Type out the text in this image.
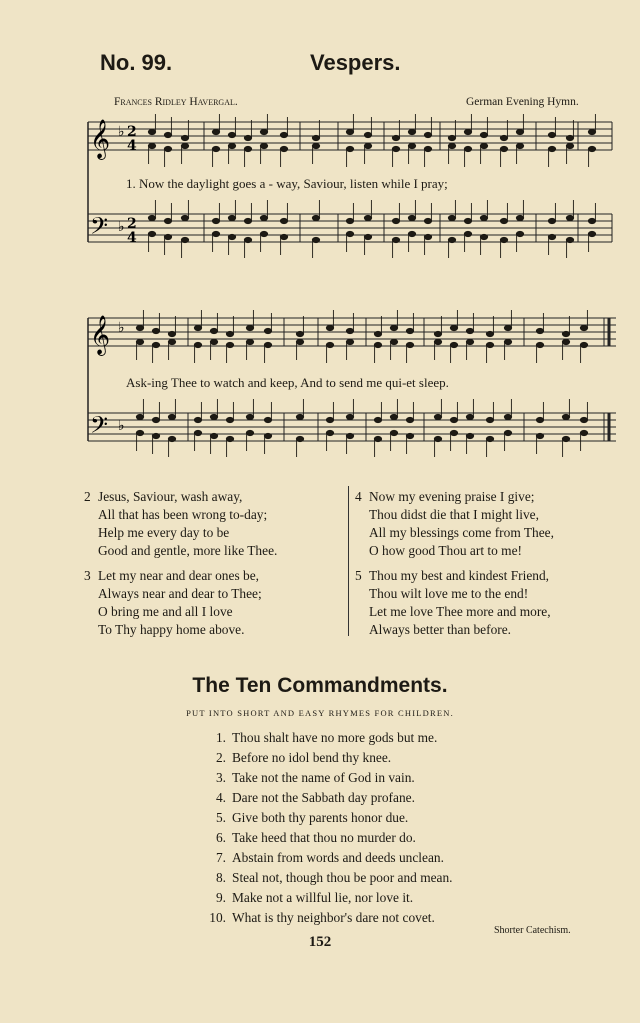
No. 99.	Vespers.
Frances Ridley Havergal.	German Evening Hymn.
𝄞
𝄢
♭
♭
2
4
2
4
𝄞
𝄢
♭
♭
1. Now the daylight goes a - way, Saviour, listen while I pray;
Ask-ing Thee to watch and keep, And to send me qui-et sleep.
2 Jesus, Saviour, wash away,
All that has been wrong to-day;
Help me every day to be
Good and gentle, more like Thee.
3 Let my near and dear ones be,
Always near and dear to Thee;
O bring me and all I love
To Thy happy home above.
4 Now my evening praise I give;
Thou didst die that I might live,
All my blessings come from Thee,
O how good Thou art to me!
5 Thou my best and kindest Friend,
Thou wilt love me to the end!
Let me love Thee more and more,
Always better than before.
The Ten Commandments.
PUT INTO SHORT AND EASY RHYMES FOR CHILDREN.
1. Thou shalt have no more gods but me.
2. Before no idol bend thy knee.
3. Take not the name of God in vain.
4. Dare not the Sabbath day profane.
5. Give both thy parents honor due.
6. Take heed that thou no murder do.
7. Abstain from words and deeds unclean.
8. Steal not, though thou be poor and mean.
9. Make not a willful lie, nor love it.
10. What is thy neighbor's dare not covet.
Shorter Catechism.
152
